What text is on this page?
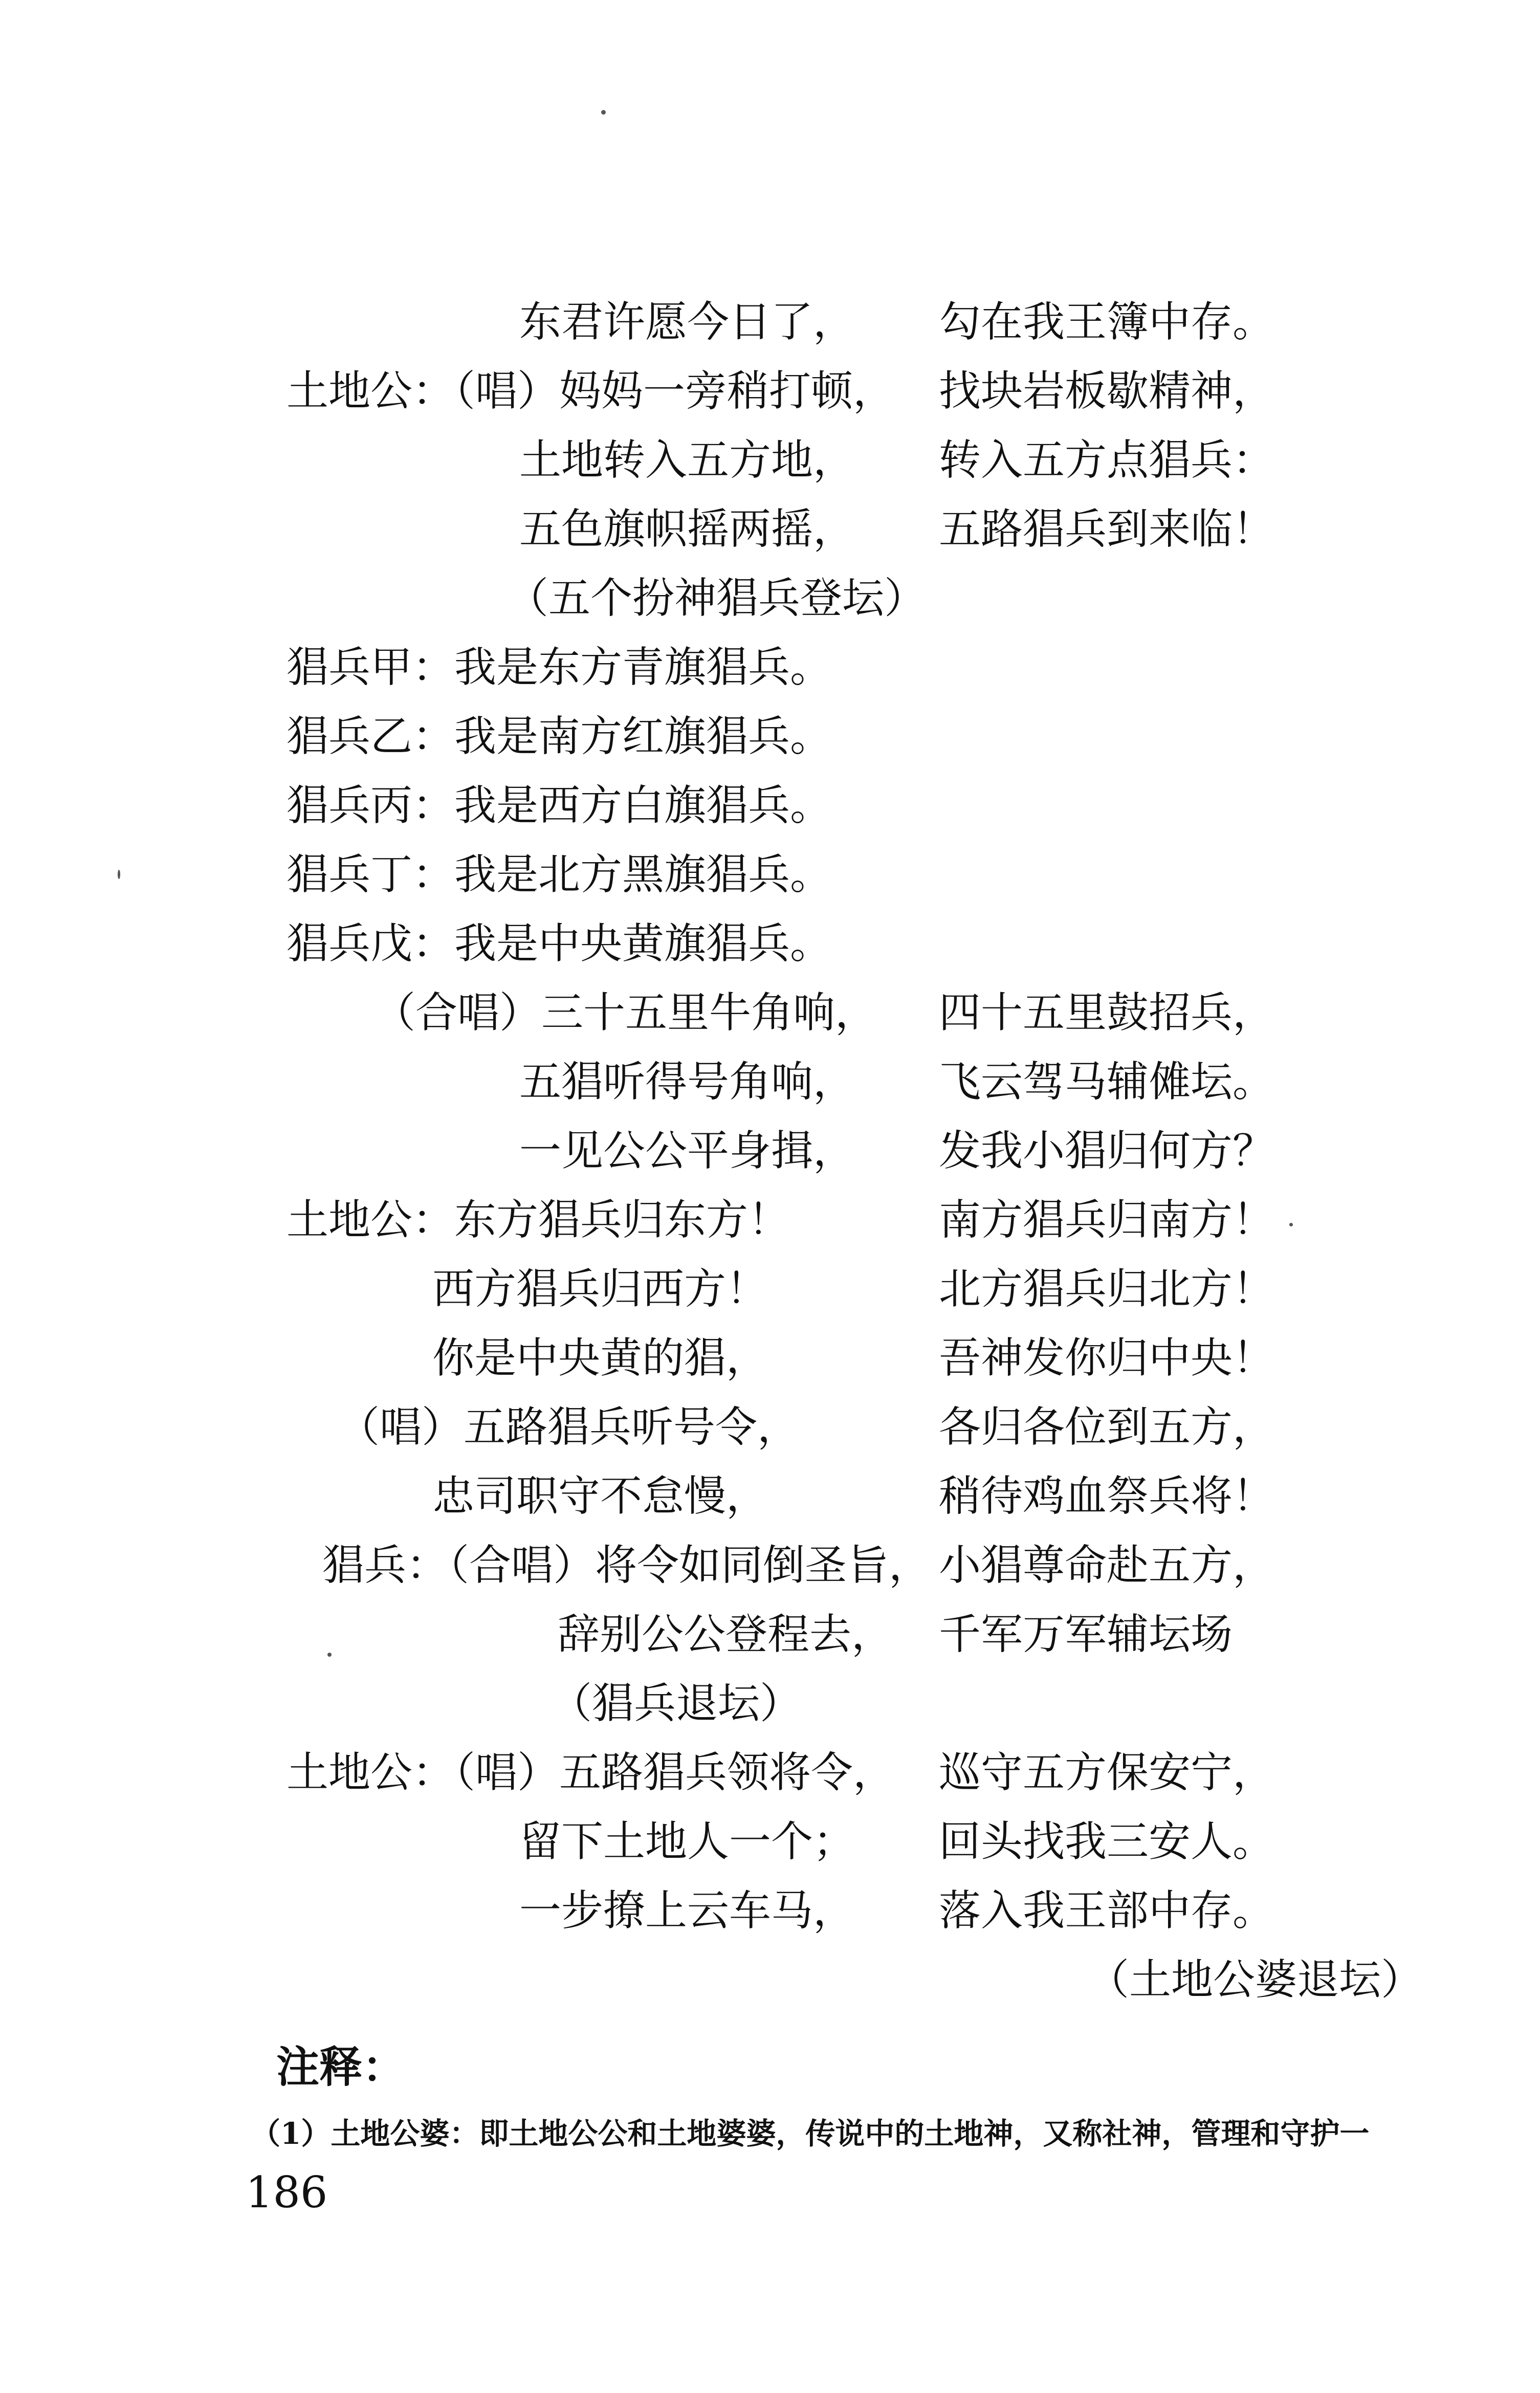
东君许愿今日了， 勾在我王簿中存。
土地公：（唱）妈妈一旁稍打顿， 找块岩板歇精神，
土地转入五方地， 转入五方点猖兵：
五色旗帜摇两摇， 五路猖兵到来临！
（五个扮神猖兵登坛）
猖兵甲：我是东方青旗猖兵。
猖兵乙：我是南方红旗猖兵。
猖兵丙：我是西方白旗猖兵。
猖兵丁：我是北方黑旗猖兵。
猖兵戊：我是中央黄旗猖兵。
（合唱）三十五里牛角响， 四十五里鼓招兵，
五猖听得号角响， 飞云驾马辅傩坛。
一见公公平身揖， 发我小猖归何方？
土地公：东方猖兵归东方！	南方猖兵归南方！
西方猖兵归西方！	北方猖兵归北方！
你是中央黄的猖，	吾神发你归中央！
（唱）五路猖兵听号令，	各归各位到五方，
忠司职守不怠慢，	稍待鸡血祭兵将！
猖兵：（合唱）将令如同倒圣旨， 小猖尊命赴五方，
辞别公公登程去， 千军万军辅坛场
（猖兵退坛）
土地公：（唱）五路猖兵领将令， 巡守五方保安宁，
留下土地人一个； 回头找我三安人。
一步撩上云车马， 落入我王部中存。
（土地公婆退坛）
注释：
（1）土地公婆：即土地公公和土地婆婆，传说中的土地神，又称社神，管理和守护一
186
